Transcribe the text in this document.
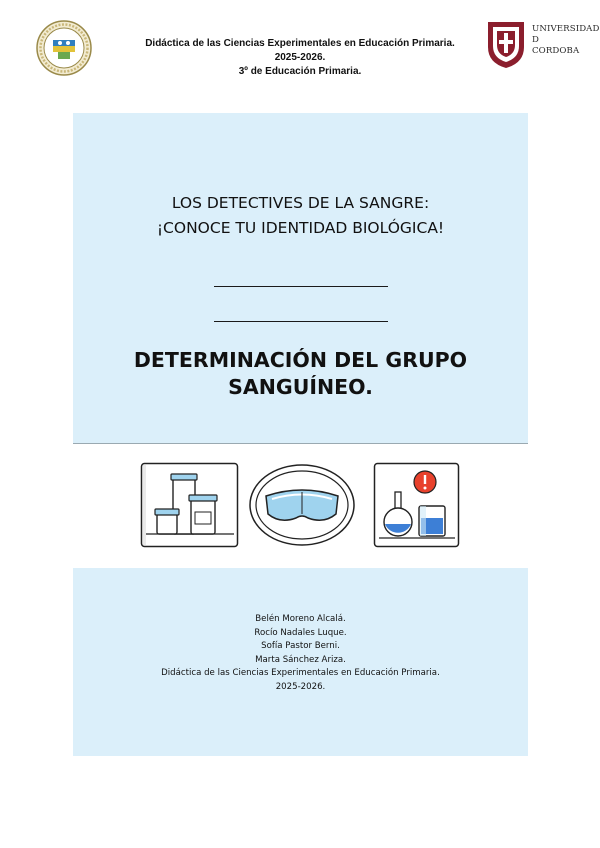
Didáctica de las Ciencias Experimentales en Educación Primaria.
2025-2026.
3º de Educación Primaria.
UNIVERSIDAD
D
CORDOBA
LOS DETECTIVES DE LA SANGRE:
¡CONOCE TU IDENTIDAD BIOLÓGICA!
DETERMINACIÓN DEL GRUPO
SANGUÍNEO.
Belén Moreno Alcalá.
Rocío Nadales Luque.
Sofía Pastor Berni.
Marta Sánchez Ariza.
Didáctica de las Ciencias Experimentales en Educación Primaria.
2025-2026.
